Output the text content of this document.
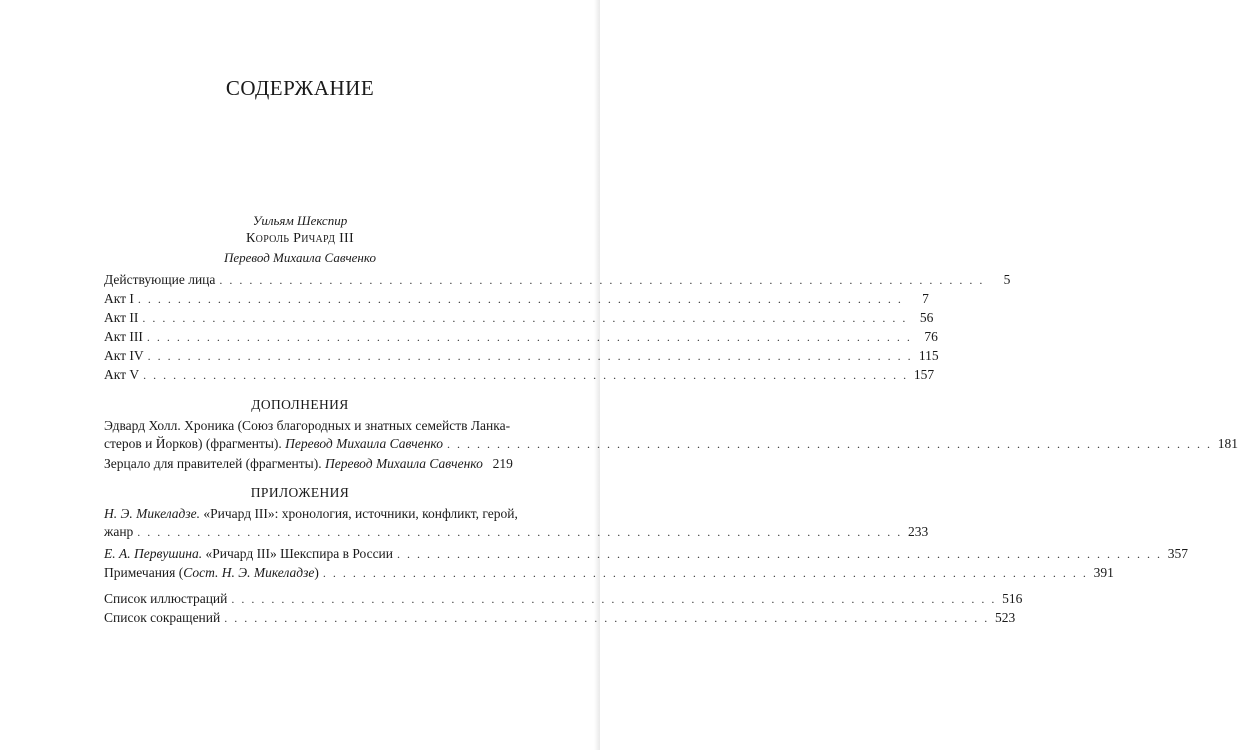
СОДЕРЖАНИЕ
Уильям Шекспир
Король Ричард III
Перевод Михаила Савченко
Действующие лица . . . . . . . . . . . . . . . . . . . . . . . . . . . . . . . . . . . . . . . . . . . . . . . . . . . . . . . . . . . . . . . . . . . . . . . . . . . . .	5
Акт I . . . . . . . . . . . . . . . . . . . . . . . . . . . . . . . . . . . . . . . . . . . . . . . . . . . . . . . . . . . . . . . . . . . . . . . . . . . . .	7
Акт II . . . . . . . . . . . . . . . . . . . . . . . . . . . . . . . . . . . . . . . . . . . . . . . . . . . . . . . . . . . . . . . . . . . . . . . . . . . . . 56
Акт III . . . . . . . . . . . . . . . . . . . . . . . . . . . . . . . . . . . . . . . . . . . . . . . . . . . . . . . . . . . . . . . . . . . . . . . . . . . . . 76
Акт IV . . . . . . . . . . . . . . . . . . . . . . . . . . . . . . . . . . . . . . . . . . . . . . . . . . . . . . . . . . . . . . . . . . . . . . . . . . . . . 115
Акт V . . . . . . . . . . . . . . . . . . . . . . . . . . . . . . . . . . . . . . . . . . . . . . . . . . . . . . . . . . . . . . . . . . . . . . . . . . . . . 157
ДОПОЛНЕНИЯ
Эдвард Холл. Хроника (Союз благородных и знатных семейств Ланка-
стеров и Йорков) (фрагменты). Перевод Михаила Савченко . . . . . . . . . . . . . . . . . . . . . . . . . . . . . . . . . . . . . . . . . . . . . . . . . . . . . . . . . . . . . . . . . . . . . . . . . . . . . 181
Зерцало для правителей (фрагменты). Перевод Михаила Савченко 219
ПРИЛОЖЕНИЯ
Н. Э. Микеладзе. «Ричард III»: хронология, источники, конфликт, герой,
жанр . . . . . . . . . . . . . . . . . . . . . . . . . . . . . . . . . . . . . . . . . . . . . . . . . . . . . . . . . . . . . . . . . . . . . . . . . . . . . 233
Е. А. Первушина. «Ричард III» Шекспира в России . . . . . . . . . . . . . . . . . . . . . . . . . . . . . . . . . . . . . . . . . . . . . . . . . . . . . . . . . . . . . . . . . . . . . . . . . . . . . 357
Примечания (Сост. Н. Э. Микеладзе) . . . . . . . . . . . . . . . . . . . . . . . . . . . . . . . . . . . . . . . . . . . . . . . . . . . . . . . . . . . . . . . . . . . . . . . . . . . . . 391
Список иллюстраций . . . . . . . . . . . . . . . . . . . . . . . . . . . . . . . . . . . . . . . . . . . . . . . . . . . . . . . . . . . . . . . . . . . . . . . . . . . . . 516
Список сокращений . . . . . . . . . . . . . . . . . . . . . . . . . . . . . . . . . . . . . . . . . . . . . . . . . . . . . . . . . . . . . . . . . . . . . . . . . . . . . 523
